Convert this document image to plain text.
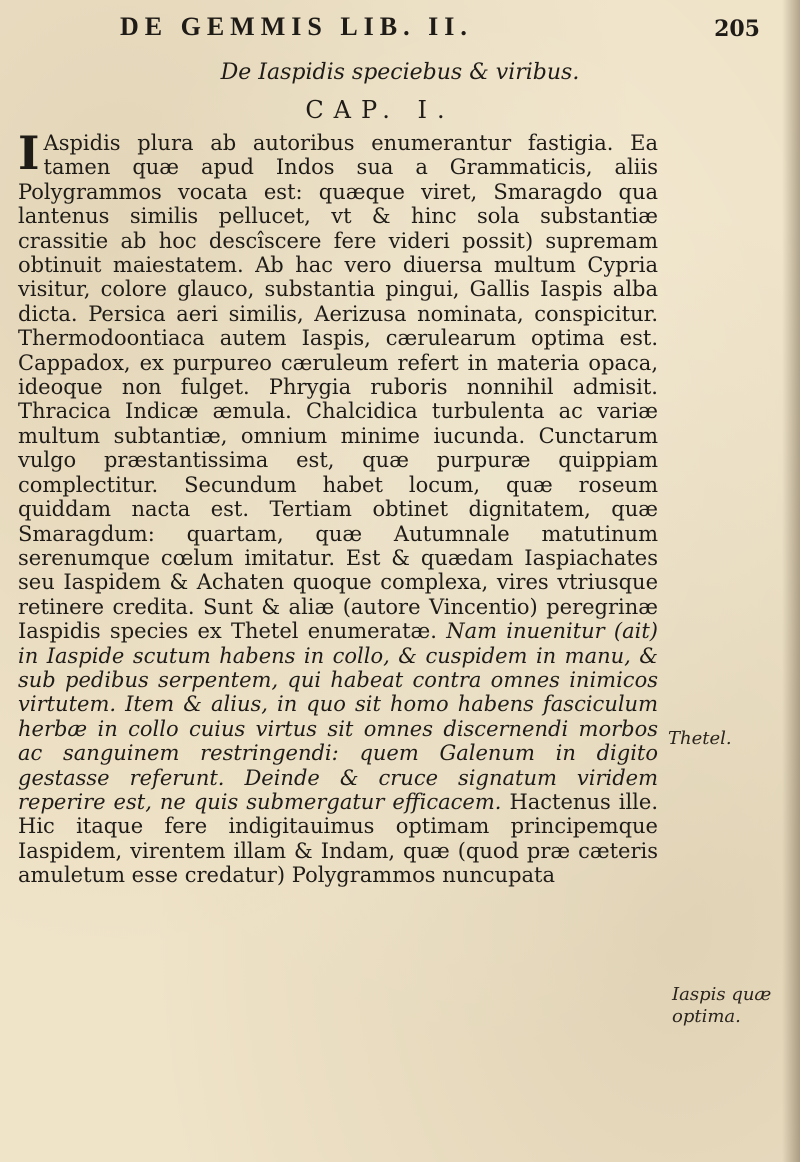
DE GEMMIS LIB. II.	205
De Iaspidis speciebus & viribus.
CAP. I.

I Aspidis plura ab autoribus enumerantur fastigia. Ea tamen quæ apud Indos sua a Grammaticis, aliis Polygrammos vocata est: quæque viret, Smaragdo qua lantenus similis pellucet, vt & hinc sola substantiæ crassitie ab hoc descîscere fere videri possit) supremam obtinuit maiestatem. Ab hac vero diuersa multum Cypria visitur, colore glauco, substantia pingui, Gallis Iaspis alba dicta. Persica aeri similis, Aerizusa nominata, conspicitur. Thermodoontiaca autem Iaspis, cærulearum optima est. Cappadox, ex purpureo cæruleum refert in materia opaca, ideoque non fulget. Phrygia ruboris nonnihil admisit. Thracica Indicæ æmula. Chalcidica turbulenta ac variæ multum subtantiæ, omnium minime iucunda. Cunctarum vulgo præstantissima est, quæ purpuræ quippiam complectitur. Secundum habet locum, quæ roseum quiddam nacta est. Tertiam obtinet dignitatem, quæ Smaragdum: quartam, quæ Autumnale matutinum serenumque cœlum imitatur. Est & quædam Iaspiachates seu Iaspidem & Achaten quoque complexa, vires vtriusque retinere credita. Sunt & aliæ (autore Vincentio) peregrinæ Iaspidis species ex Thetel enumeratæ. Nam inuenitur (ait) in Iaspide scutum habens in collo, & cuspidem in manu, & sub pedibus serpentem, qui habeat contra omnes inimicos virtutem. Item & alius, in quo sit homo habens fasciculum herbæ in collo cuius virtus sit omnes discernendi morbos ac sanguinem restringendi: quem Galenum in digito gestasse referunt. Deinde & cruce signatum viridem reperire est, ne quis submergatur efficacem. Hactenus ille. Hic itaque fere indigitauimus optimam principemque Iaspidem, virentem illam & Indam, quæ (quod præ cæteris amuletum esse credatur) Polygrammos nuncupata

Thetel.
Iaspis quæ optima.
